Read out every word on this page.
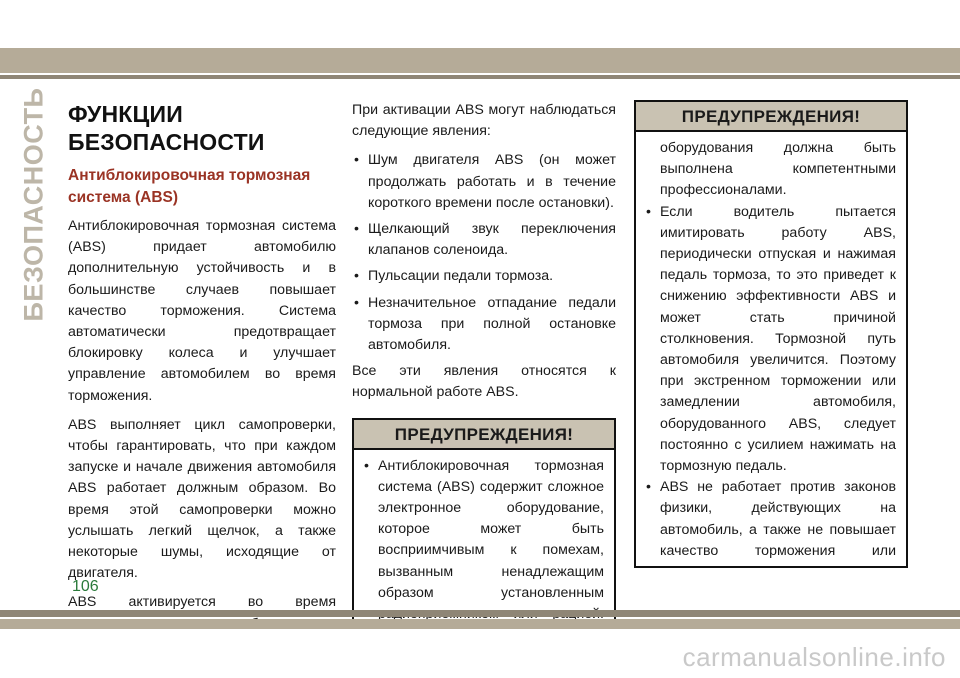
БЕЗОПАСНОСТЬ ФУНКЦИИ БЕЗОПАСНОСТИ
Антиблокировочная тормозная
система (ABS)

Антиблокировочная тормозная система (ABS) придает автомобилю дополнительную устойчивость и в большинстве случаев повышает качество торможения. Система автоматически предотвращает блокировку колеса и улучшает управление автомобилем во время торможения.

ABS выполняет цикл самопроверки, чтобы гарантировать, что при каждом запуске и начале движения автомобиля ABS работает должным образом. Во время этой самопроверки можно услышать легкий щелчок, а также некоторые шумы, исходящие от двигателя.

ABS активируется во время

При активации ABS могут наблюдаться следующие явления:

• Шум двигателя ABS (он может продолжать работать и в течение короткого времени после остановки).
• Щелкающий звук переключения клапанов соленоида.
• Пульсации педали тормоза.
• Незначительное отпадание педали тормоза при полной остановке автомобиля.

Все эти явления относятся к нормальной работе ABS.

ПРЕДУПРЕЖДЕНИЯ!
• Антиблокировочная тормозная система (ABS) содержит сложное электронное оборудование, которое может быть восприимчивым к помехам, вызванным ненадлежащим образом установленным
ПРЕДУПРЕЖДЕНИЯ!

оборудования должна быть выполнена компетентными профессионалами.

• Если водитель пытается имитировать работу ABS, периодически отпуская и нажимая педаль тормоза, то это приведет к снижению эффективности ABS и может стать причиной столкновения. Тормозной путь автомобиля увеличится. Поэтому при экстренном торможении или замедлении автомобиля, оборудованного ABS, следует постоянно с усилием нажимать на тормозную педаль.
• ABS не работает против законов физики, действующих на автомобиль, а также не повышает качество торможения или
106
carmanualsonline.info
